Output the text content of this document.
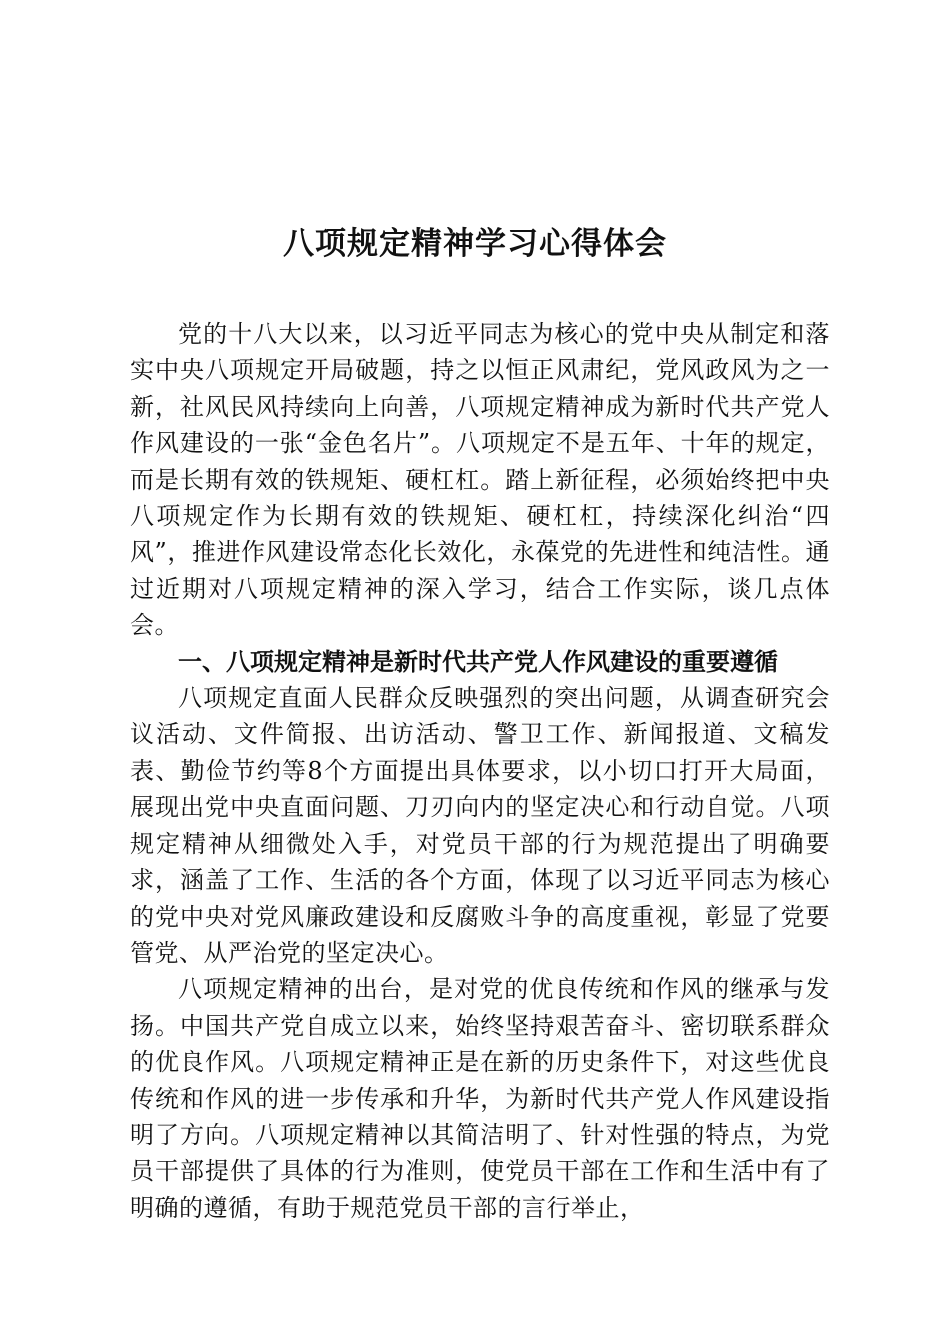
八项规定精神学习心得体会

党的十八大以来，以习近平同志为核心的党中央从制定和落实中央八项规定开局破题，持之以恒正风肃纪，党风政风为之一新，社风民风持续向上向善，八项规定精神成为新时代共产党人作风建设的一张“金色名片”。八项规定不是五年、十年的规定，而是长期有效的铁规矩、硬杠杠。踏上新征程，必须始终把中央八项规定作为长期有效的铁规矩、硬杠杠，持续深化纠治“四风”，推进作风建设常态化长效化，永葆党的先进性和纯洁性。通过近期对八项规定精神的深入学习，结合工作实际，谈几点体会。

一、八项规定精神是新时代共产党人作风建设的重要遵循

八项规定直面人民群众反映强烈的突出问题，从调查研究会议活动、文件简报、出访活动、警卫工作、新闻报道、文稿发表、勤俭节约等8个方面提出具体要求，以小切口打开大局面，展现出党中央直面问题、刀刃向内的坚定决心和行动自觉。八项规定精神从细微处入手，对党员干部的行为规范提出了明确要求，涵盖了工作、生活的各个方面，体现了以习近平同志为核心的党中央对党风廉政建设和反腐败斗争的高度重视，彰显了党要管党、从严治党的坚定决心。

八项规定精神的出台，是对党的优良传统和作风的继承与发扬。中国共产党自成立以来，始终坚持艰苦奋斗、密切联系群众的优良作风。八项规定精神正是在新的历史条件下，对这些优良传统和作风的进一步传承和升华，为新时代共产党人作风建设指明了方向。八项规定精神以其简洁明了、针对性强的特点，为党员干部提供了具体的行为准则，使党员干部在工作和生活中有了明确的遵循，有助于规范党员干部的言行举止，
